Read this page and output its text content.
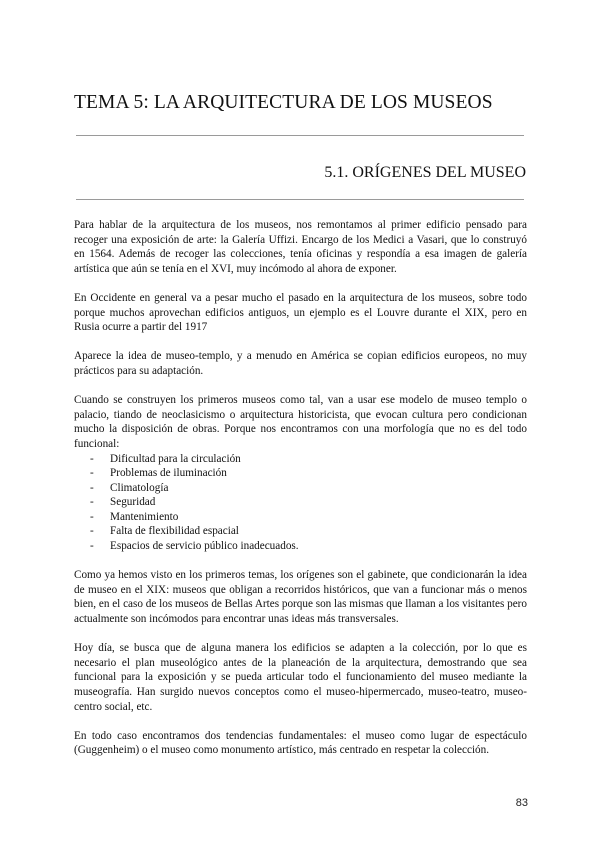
TEMA 5: LA ARQUITECTURA DE LOS MUSEOS
5.1. ORÍGENES DEL MUSEO

Para hablar de la arquitectura de los museos, nos remontamos al primer edificio pensado para recoger una exposición de arte: la Galería Uffizi. Encargo de los Medici a Vasari, que lo construyó en 1564. Además de recoger las colecciones, tenía oficinas y respondía a esa imagen de galería artística que aún se tenía en el XVI, muy incómodo al ahora de exponer.

En Occidente en general va a pesar mucho el pasado en la arquitectura de los museos, sobre todo porque muchos aprovechan edificios antiguos, un ejemplo es el Louvre durante el XIX, pero en Rusia ocurre a partir del 1917

Aparece la idea de museo-templo, y a menudo en América se copian edificios europeos, no muy prácticos para su adaptación.

Cuando se construyen los primeros museos como tal, van a usar ese modelo de museo templo o palacio, tiando de neoclasicismo o arquitectura historicista, que evocan cultura pero condicionan mucho la disposición de obras. Porque nos encontramos con una morfología que no es del todo funcional:

- Dificultad para la circulación
- Problemas de iluminación
- Climatología
- Seguridad
- Mantenimiento
- Falta de flexibilidad espacial
- Espacios de servicio público inadecuados.

Como ya hemos visto en los primeros temas, los orígenes son el gabinete, que condicionarán la idea de museo en el XIX: museos que obligan a recorridos históricos, que van a funcionar más o menos bien, en el caso de los museos de Bellas Artes porque son las mismas que llaman a los visitantes pero actualmente son incómodos para encontrar unas ideas más transversales.

Hoy día, se busca que de alguna manera los edificios se adapten a la colección, por lo que es necesario el plan museológico antes de la planeación de la arquitectura, demostrando que sea funcional para la exposición y se pueda articular todo el funcionamiento del museo mediante la museografía. Han surgido nuevos conceptos como el museo-hipermercado, museo-teatro, museo-centro social, etc.

En todo caso encontramos dos tendencias fundamentales: el museo como lugar de espectáculo (Guggenheim) o el museo como monumento artístico, más centrado en respetar la colección.

83
